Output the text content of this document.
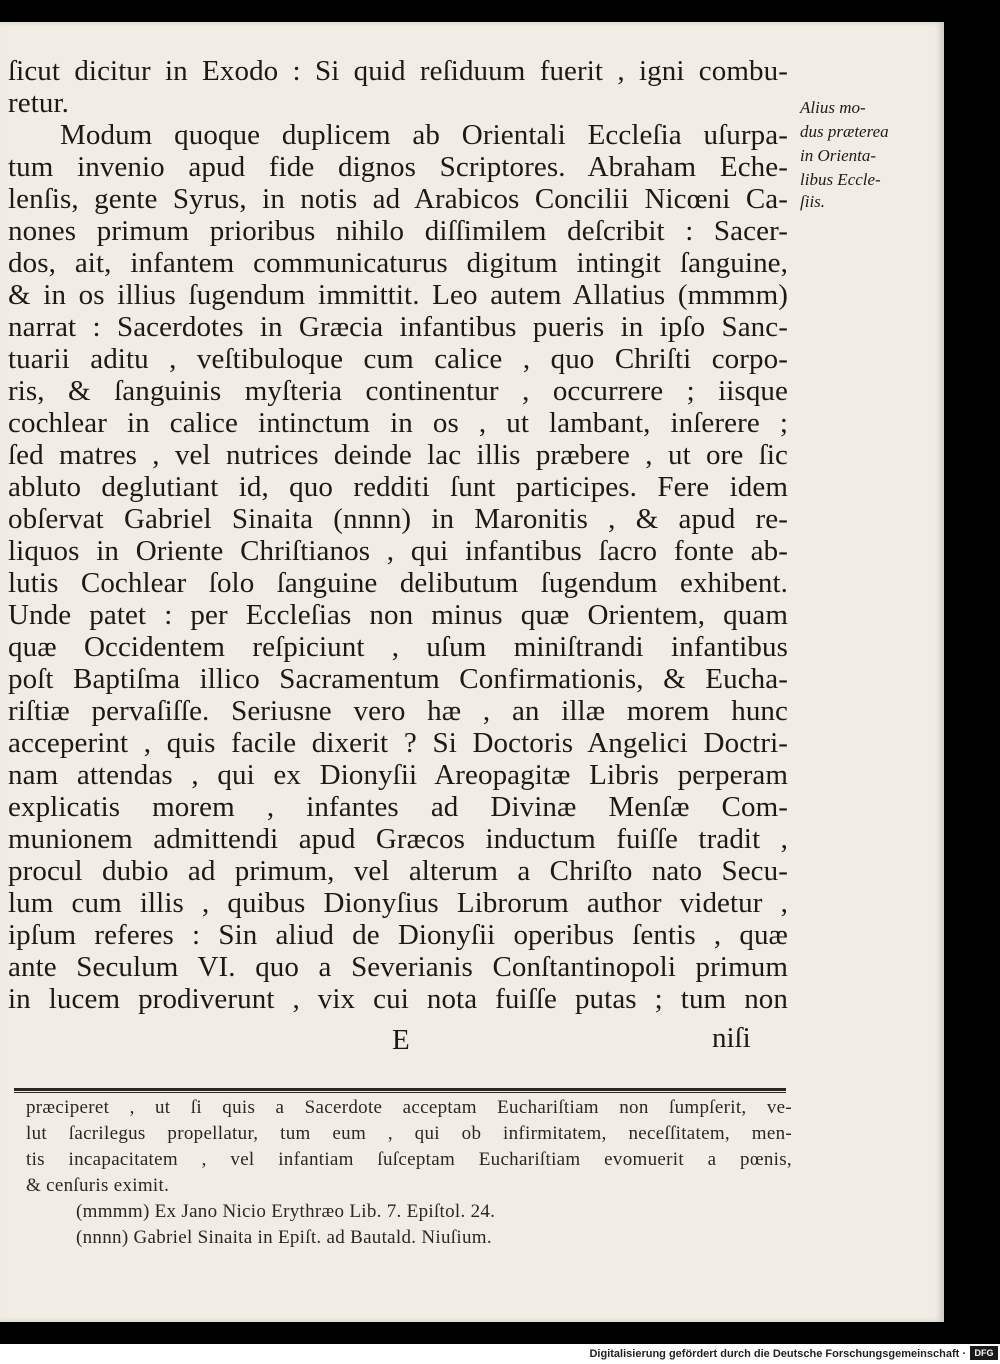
ſicut dicitur in Exodo : Si quid reſiduum fuerit , igni combu-
retur.
Modum quoque duplicem ab Orientali Eccleſia uſurpa-
tum invenio apud fide dignos Scriptores. Abraham Eche-
lenſis, gente Syrus, in notis ad Arabicos Concilii Nicœni Ca-
nones primum prioribus nihilo diſſimilem deſcribit : Sacer-
dos, ait, infantem communicaturus digitum intingit ſanguine,
& in os illius ſugendum immittit. Leo autem Allatius (mmmm)
narrat : Sacerdotes in Græcia infantibus pueris in ipſo Sanc-
tuarii aditu , veſtibuloque cum calice , quo Chriſti corpo-
ris, & ſanguinis myſteria continentur , occurrere ; iisque
cochlear in calice intinctum in os , ut lambant, inſerere ;
ſed matres , vel nutrices deinde lac illis præbere , ut ore ſic
abluto deglutiant id, quo redditi ſunt participes. Fere idem
obſervat Gabriel Sinaita (nnnn) in Maronitis , & apud re-
liquos in Oriente Chriſtianos , qui infantibus ſacro fonte ab-
lutis Cochlear ſolo ſanguine delibutum ſugendum exhibent.
Unde patet : per Eccleſias non minus quæ Orientem, quam
quæ Occidentem reſpiciunt , uſum miniſtrandi infantibus
poſt Baptiſma illico Sacramentum Confirmationis, & Eucha-
riſtiæ pervaſiſſe. Seriusne vero hæ , an illæ morem hunc
acceperint , quis facile dixerit ? Si Doctoris Angelici Doctri-
nam attendas , qui ex Dionyſii Areopagitæ Libris perperam
explicatis morem , infantes ad Divinæ Menſæ Com-
munionem admittendi apud Græcos inductum fuiſſe tradit ,
procul dubio ad primum, vel alterum a Chriſto nato Secu-
lum cum illis , quibus Dionyſius Librorum author videtur ,
ipſum referes : Sin aliud de Dionyſii operibus ſentis , quæ
ante Seculum VI. quo a Severianis Conſtantinopoli primum
in lucem prodiverunt , vix cui nota fuiſſe putas ; tum non
E	niſi
Alius mo-
dus præterea
in Orienta-
libus Eccle-
ſiis.
præciperet , ut ſi quis a Sacerdote acceptam Euchariſtiam non ſumpſerit, ve-
lut ſacrilegus propellatur, tum eum , qui ob infirmitatem, neceſſitatem, men-
tis incapacitatem , vel infantiam ſuſceptam Euchariſtiam evomuerit a pœnis,
& cenſuris eximit.
(mmmm) Ex Jano Nicio Erythræo Lib. 7. Epiſtol. 24.
(nnnn) Gabriel Sinaita in Epiſt. ad Bautald. Niuſium.
Digitalisierung gefördert durch die Deutsche Forschungsgemeinschaft · DFG
